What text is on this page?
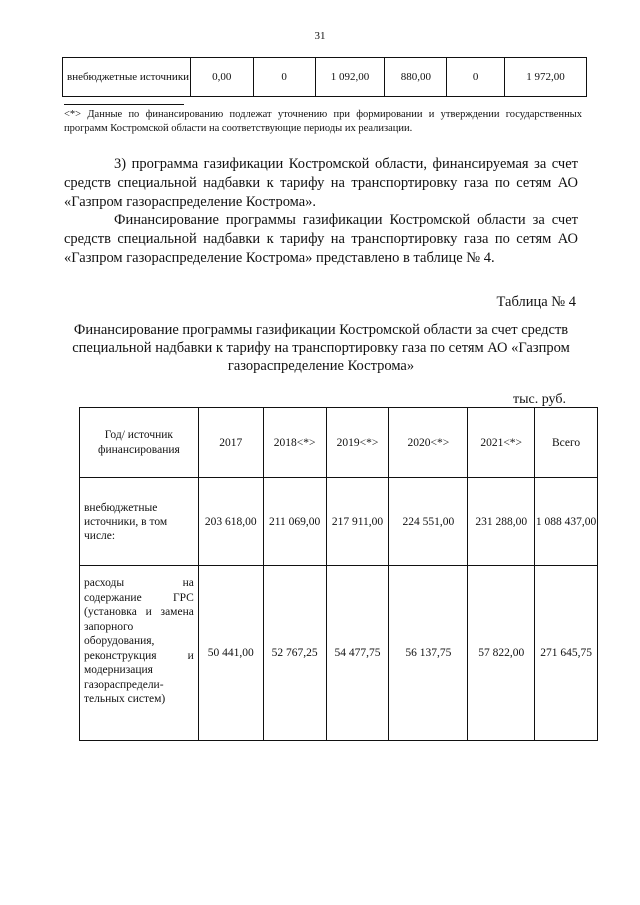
31
внебюджетные источники	0,00	0	1 092,00	880,00	0	1 972,00
<*> Данные по финансированию подлежат уточнению при формировании и утверждении государственных программ Костромской области на соответствующие периоды их реализации.

3) программа газификации Костромской области, финансируемая за счет средств специальной надбавки к тарифу на транспортировку газа по сетям АО «Газпром газораспределение Кострома».

Финансирование программы газификации Костромской области за счет средств специальной надбавки к тарифу на транспортировку газа по сетям АО «Газпром газораспределение Кострома» представлено в таблице № 4.

Таблица № 4

Финансирование программы газификации Костромской области за счет средств специальной надбавки к тарифу на транспортировку газа по сетям АО «Газпром газораспределение Кострома»

тыс. руб.
Год/ источник финансирования	2017	2018<*>	2019<*>	2020<*>	2021<*>	Всего
внебюджетные источники, в том числе:	203 618,00	211 069,00	217 911,00	224 551,00	231 288,00	1 088 437,00
расходы на содержание ГРС (установка и замена запорного оборудования, реконструкция и модернизация газораспредели-тельных систем)	50 441,00	52 767,25	54 477,75	56 137,75	57 822,00	271 645,75
